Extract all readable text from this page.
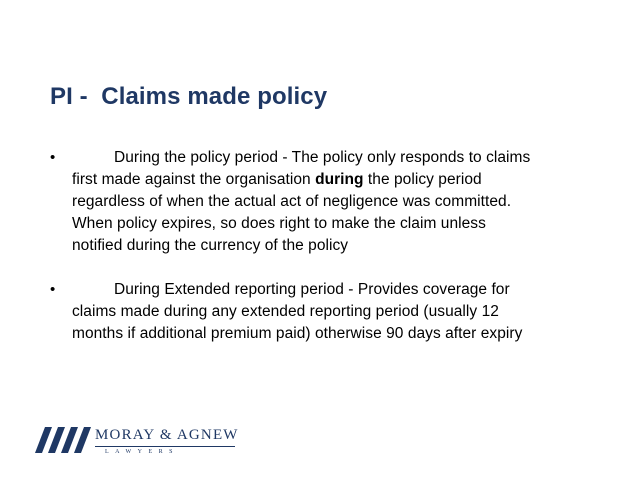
PI -  Claims made policy
•	During the policy period - The policy only responds to claims
first made against the organisation during the policy period
regardless of when the actual act of negligence was committed.
When policy expires, so does right to make the claim unless
notified during the currency of the policy
•	During Extended reporting period - Provides coverage for
claims made during any extended reporting period (usually 12
months if additional premium paid) otherwise 90 days after expiry
MORAY & AGNEW
LAWYERS
